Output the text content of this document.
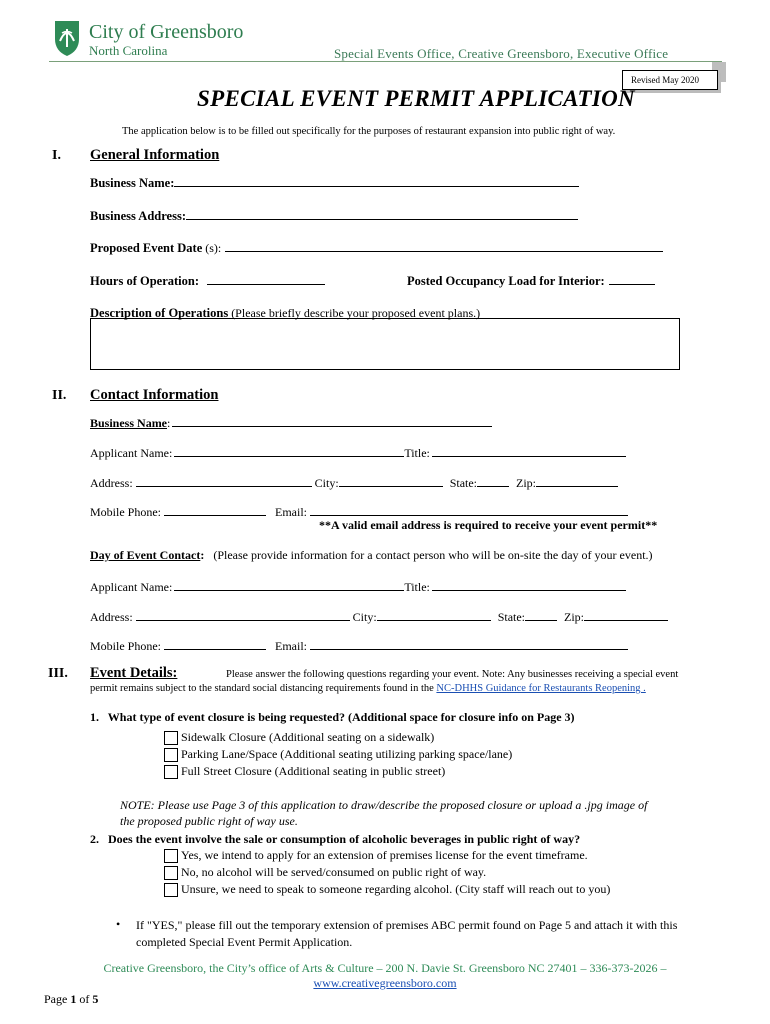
City of Greensboro
North Carolina	Special Events Office, Creative Greensboro, Executive Office
Revised May 2020
SPECIAL EVENT PERMIT APPLICATION
The application below is to be filled out specifically for the purposes of restaurant expansion into public right of way.
I. General Information
Business Name:
Business Address:
Proposed Event Date (s):
Hours of Operation:	Posted Occupancy Load for Interior:
Description of Operations (Please briefly describe your proposed event plans.)
II. Contact Information
Business Name:
Applicant Name:	Title:
Address:	City:	State:	Zip:
Mobile Phone:	Email:
**A valid email address is required to receive your event permit**
Day of Event Contact: (Please provide information for a contact person who will be on-site the day of your event.)
Applicant Name:	Title:
Address:	City:	State:	Zip:
Mobile Phone:	Email:
III. Event Details:	Please answer the following questions regarding your event. Note: Any businesses receiving a special event
permit remains subject to the standard social distancing requirements found in the NC-DHHS Guidance for Restaurants Reopening .
1.   What type of event closure is being requested? (Additional space for closure info on Page 3)
Sidewalk Closure (Additional seating on a sidewalk)
Parking Lane/Space (Additional seating utilizing parking space/lane)
Full Street Closure (Additional seating in public street)
NOTE: Please use Page 3 of this application to draw/describe the proposed closure or upload a .jpg image of
the proposed public right of way use.
2.   Does the event involve the sale or consumption of alcoholic beverages in public right of way?
Yes, we intend to apply for an extension of premises license for the event timeframe.
No, no alcohol will be served/consumed on public right of way.
Unsure, we need to speak to someone regarding alcohol. (City staff will reach out to you)
• If "YES," please fill out the temporary extension of premises ABC permit found on Page 5 and attach it with this
completed Special Event Permit Application.
Creative Greensboro, the City’s office of Arts & Culture – 200 N. Davie St. Greensboro NC 27401 – 336-373-2026 –
www.creativegreensboro.com
Page 1 of 5
